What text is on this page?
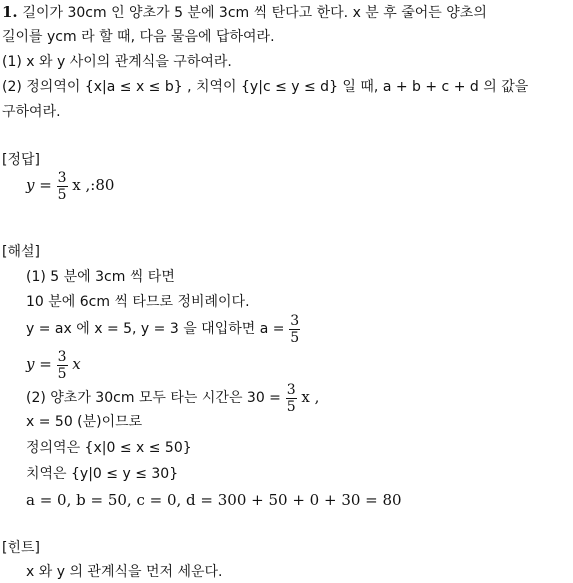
1. 길이가 30cm 인 양초가 5 분에 3cm 씩 탄다고 한다. x 분 후 줄어든 양초의
길이를 ycm 라 할 때, 다음 물음에 답하여라.
(1) x 와 y 사이의 관계식을 구하여라.
(2) 정의역이 {x|a ≤ x ≤ b} , 치역이 {y|c ≤ y ≤ d} 일 때, a + b + c + d 의 값을
구하여라.
[정답]
$y = \frac{3}{5}$ x ,:80
[해설]
(1) 5 분에 3cm 씩 타면
10 분에 6cm 씩 타므로 정비례이다.
y = ax 에 x = 5, y = 3 을 대입하면 $a = \frac{3}{5}$
$y = \frac{3}{5}$ x
(2) 양초가 30cm 모두 타는 시간은 $30 = \frac{3}{5}$ x ,
x = 50 (분)이므로
정의역은 {x|0 ≤ x ≤ 50}
치역은 {y|0 ≤ y ≤ 30}
a = 0, b = 50, c = 0, d = 300 + 50 + 0 + 30 = 80
[힌트]
x 와 y 의 관계식을 먼저 세운다.
